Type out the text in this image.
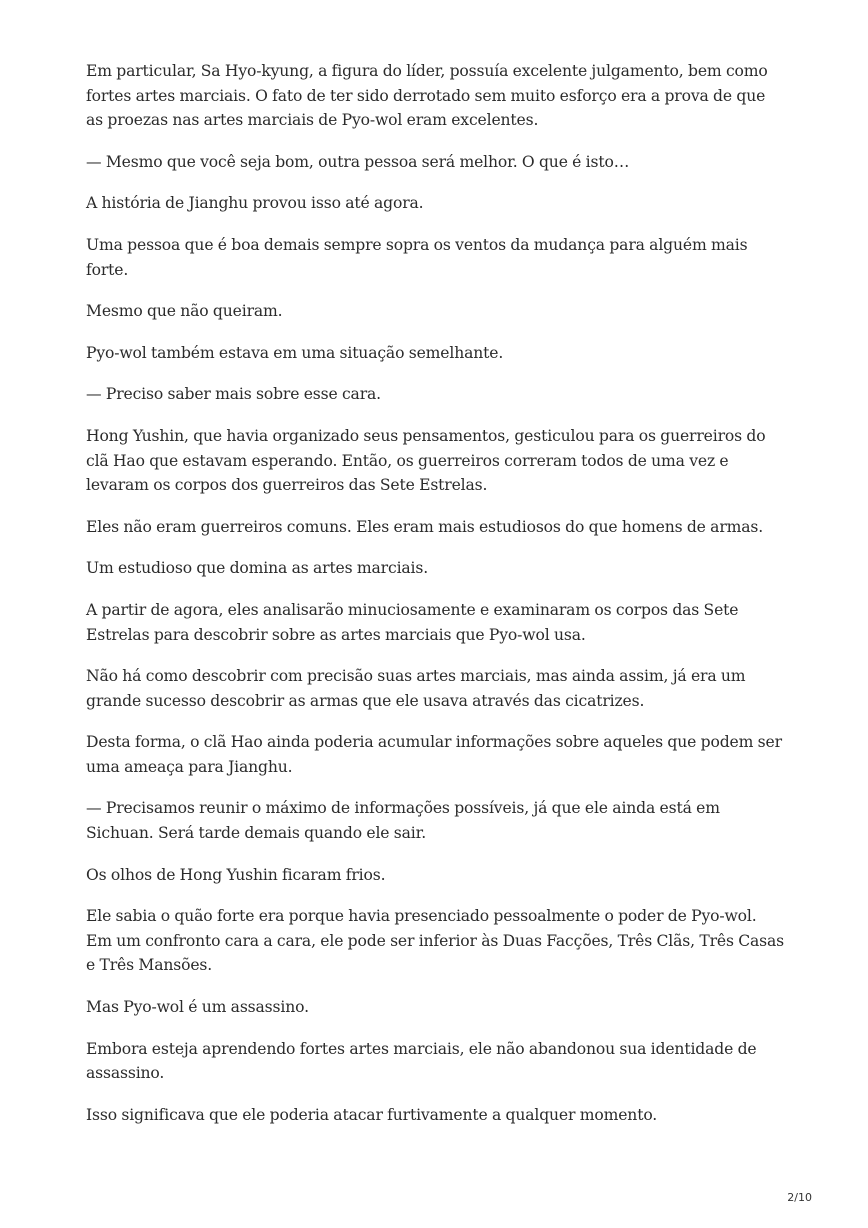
Em particular, Sa Hyo-kyung, a figura do líder, possuía excelente julgamento, bem como fortes artes marciais. O fato de ter sido derrotado sem muito esforço era a prova de que as proezas nas artes marciais de Pyo-wol eram excelentes.

— Mesmo que você seja bom, outra pessoa será melhor. O que é isto…

A história de Jianghu provou isso até agora.

Uma pessoa que é boa demais sempre sopra os ventos da mudança para alguém mais forte.

Mesmo que não queiram.

Pyo-wol também estava em uma situação semelhante.

— Preciso saber mais sobre esse cara.

Hong Yushin, que havia organizado seus pensamentos, gesticulou para os guerreiros do clã Hao que estavam esperando. Então, os guerreiros correram todos de uma vez e levaram os corpos dos guerreiros das Sete Estrelas.

Eles não eram guerreiros comuns. Eles eram mais estudiosos do que homens de armas.

Um estudioso que domina as artes marciais.

A partir de agora, eles analisarão minuciosamente e examinaram os corpos das Sete Estrelas para descobrir sobre as artes marciais que Pyo-wol usa.

Não há como descobrir com precisão suas artes marciais, mas ainda assim, já era um grande sucesso descobrir as armas que ele usava através das cicatrizes.

Desta forma, o clã Hao ainda poderia acumular informações sobre aqueles que podem ser uma ameaça para Jianghu.

— Precisamos reunir o máximo de informações possíveis, já que ele ainda está em Sichuan. Será tarde demais quando ele sair.

Os olhos de Hong Yushin ficaram frios.

Ele sabia o quão forte era porque havia presenciado pessoalmente o poder de Pyo-wol. Em um confronto cara a cara, ele pode ser inferior às Duas Facções, Três Clãs, Três Casas e Três Mansões.

Mas Pyo-wol é um assassino.

Embora esteja aprendendo fortes artes marciais, ele não abandonou sua identidade de assassino.

Isso significava que ele poderia atacar furtivamente a qualquer momento.

2/10
